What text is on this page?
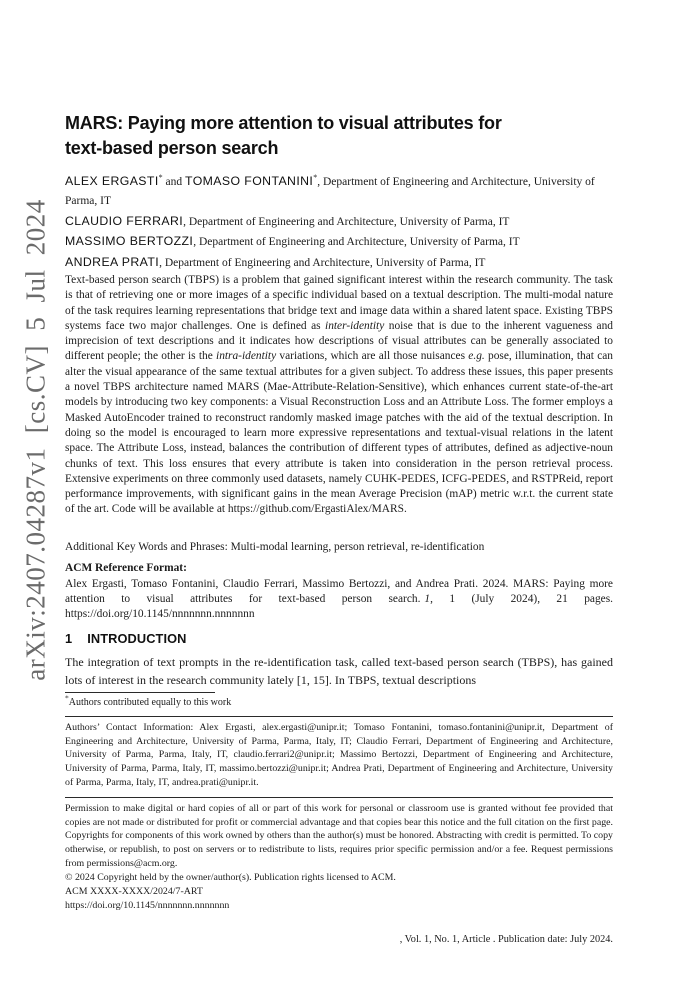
arXiv:2407.04287v1 [cs.CV] 5 Jul 2024
MARS: Paying more attention to visual attributes for
text-based person search

ALEX ERGASTI* and TOMASO FONTANINI*, Department of Engineering and Architecture, University of Parma, IT

CLAUDIO FERRARI, Department of Engineering and Architecture, University of Parma, IT

MASSIMO BERTOZZI, Department of Engineering and Architecture, University of Parma, IT

ANDREA PRATI, Department of Engineering and Architecture, University of Parma, IT

Text-based person search (TBPS) is a problem that gained significant interest within the research community. The task is that of retrieving one or more images of a specific individual based on a textual description. The multi-modal nature of the task requires learning representations that bridge text and image data within a shared latent space. Existing TBPS systems face two major challenges. One is defined as inter-identity noise that is due to the inherent vagueness and imprecision of text descriptions and it indicates how descriptions of visual attributes can be generally associated to different people; the other is the intra-identity variations, which are all those nuisances e.g. pose, illumination, that can alter the visual appearance of the same textual attributes for a given subject. To address these issues, this paper presents a novel TBPS architecture named MARS (Mae-Attribute-Relation-Sensitive), which enhances current state-of-the-art models by introducing two key components: a Visual Reconstruction Loss and an Attribute Loss. The former employs a Masked AutoEncoder trained to reconstruct randomly masked image patches with the aid of the textual description. In doing so the model is encouraged to learn more expressive representations and textual-visual relations in the latent space. The Attribute Loss, instead, balances the contribution of different types of attributes, defined as adjective-noun chunks of text. This loss ensures that every attribute is taken into consideration in the person retrieval process. Extensive experiments on three commonly used datasets, namely CUHK-PEDES, ICFG-PEDES, and RSTPReid, report performance improvements, with significant gains in the mean Average Precision (mAP) metric w.r.t. the current state of the art. Code will be available at https://github.com/ErgastiAlex/MARS.

Additional Key Words and Phrases: Multi-modal learning, person retrieval, re-identification

ACM Reference Format:

Alex Ergasti, Tomaso Fontanini, Claudio Ferrari, Massimo Bertozzi, and Andrea Prati. 2024. MARS: Paying more attention to visual attributes for text-based person search. 1, 1 (July 2024), 21 pages. https://doi.org/10.1145/nnnnnnn.nnnnnnn

1 INTRODUCTION

The integration of text prompts in the re-identification task, called text-based person search (TBPS), has gained lots of interest in the research community lately [1, 15]. In TBPS, textual descriptions

*Authors contributed equally to this work

Authors’ Contact Information: Alex Ergasti, alex.ergasti@unipr.it; Tomaso Fontanini, tomaso.fontanini@unipr.it, Department of Engineering and Architecture, University of Parma, Parma, Italy, IT; Claudio Ferrari, Department of Engineering and Architecture, University of Parma, Parma, Italy, IT, claudio.ferrari2@unipr.it; Massimo Bertozzi, Department of Engineering and Architecture, University of Parma, Parma, Italy, IT, massimo.bertozzi@unipr.it; Andrea Prati, Department of Engineering and Architecture, University of Parma, Parma, Italy, IT, andrea.prati@unipr.it.

Permission to make digital or hard copies of all or part of this work for personal or classroom use is granted without fee provided that copies are not made or distributed for profit or commercial advantage and that copies bear this notice and the full citation on the first page. Copyrights for components of this work owned by others than the author(s) must be honored. Abstracting with credit is permitted. To copy otherwise, or republish, to post on servers or to redistribute to lists, requires prior specific permission and/or a fee. Request permissions from permissions@acm.org.

© 2024 Copyright held by the owner/author(s). Publication rights licensed to ACM.

ACM XXXX-XXXX/2024/7-ART

https://doi.org/10.1145/nnnnnnn.nnnnnnn

, Vol. 1, No. 1, Article . Publication date: July 2024.
